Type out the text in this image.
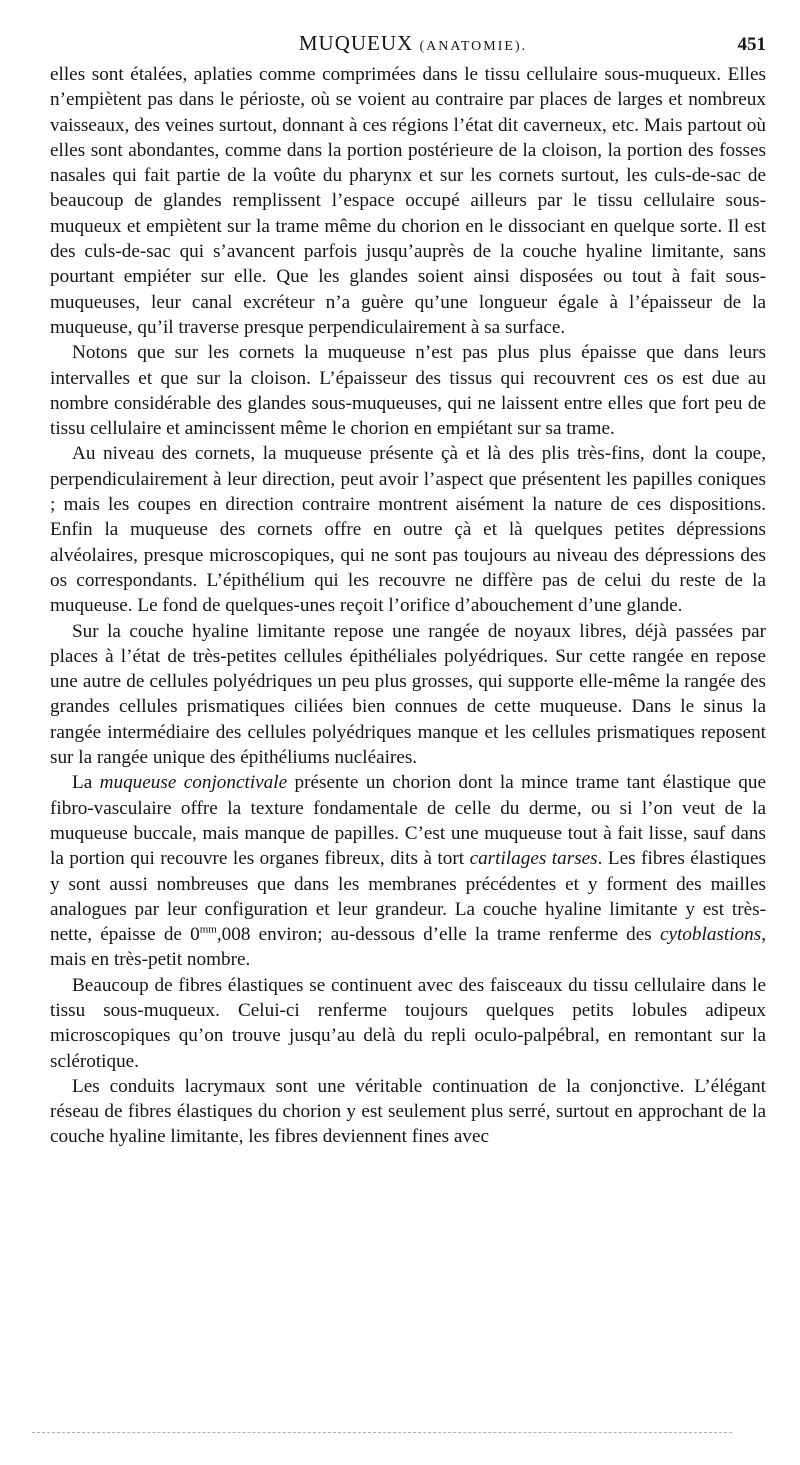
MUQUEUX (ANATOMIE).	451

elles sont étalées, aplaties comme comprimées dans le tissu cellulaire sous-muqueux. Elles n’empiètent pas dans le périoste, où se voient au contraire par places de larges et nombreux vaisseaux, des veines surtout, donnant à ces régions l’état dit caverneux, etc. Mais partout où elles sont abondantes, comme dans la portion postérieure de la cloison, la portion des fosses nasales qui fait partie de la voûte du pharynx et sur les cornets surtout, les culs-de-sac de beaucoup de glandes remplissent l’espace occupé ailleurs par le tissu cellulaire sous-muqueux et empiètent sur la trame même du chorion en le dissociant en quelque sorte. Il est des culs-de-sac qui s’avancent parfois jusqu’auprès de la couche hyaline limitante, sans pourtant empiéter sur elle. Que les glandes soient ainsi disposées ou tout à fait sous-muqueuses, leur canal excréteur n’a guère qu’une longueur égale à l’épaisseur de la muqueuse, qu’il traverse presque perpendiculairement à sa surface.

Notons que sur les cornets la muqueuse n’est pas plus plus épaisse que dans leurs intervalles et que sur la cloison. L’épaisseur des tissus qui recouvrent ces os est due au nombre considérable des glandes sous-muqueuses, qui ne laissent entre elles que fort peu de tissu cellulaire et amincissent même le chorion en empiétant sur sa trame.

Au niveau des cornets, la muqueuse présente çà et là des plis très-fins, dont la coupe, perpendiculairement à leur direction, peut avoir l’aspect que présentent les papilles coniques ; mais les coupes en direction contraire montrent aisément la nature de ces dispositions. Enfin la muqueuse des cornets offre en outre çà et là quelques petites dépressions alvéolaires, presque microscopiques, qui ne sont pas toujours au niveau des dépressions des os correspondants. L’épithélium qui les recouvre ne diffère pas de celui du reste de la muqueuse. Le fond de quelques-unes reçoit l’orifice d’abouchement d’une glande.

Sur la couche hyaline limitante repose une rangée de noyaux libres, déjà passées par places à l’état de très-petites cellules épithéliales polyédriques. Sur cette rangée en repose une autre de cellules polyédriques un peu plus grosses, qui supporte elle-même la rangée des grandes cellules prismatiques ciliées bien connues de cette muqueuse. Dans le sinus la rangée intermédiaire des cellules polyédriques manque et les cellules prismatiques reposent sur la rangée unique des épithéliums nucléaires.

La muqueuse conjonctivale présente un chorion dont la mince trame tant élastique que fibro-vasculaire offre la texture fondamentale de celle du derme, ou si l’on veut de la muqueuse buccale, mais manque de papilles. C’est une muqueuse tout à fait lisse, sauf dans la portion qui recouvre les organes fibreux, dits à tort cartilages tarses. Les fibres élastiques y sont aussi nombreuses que dans les membranes précédentes et y forment des mailles analogues par leur configuration et leur grandeur. La couche hyaline limitante y est très-nette, épaisse de $0^{mm},008$ environ; au-dessous d’elle la trame renferme des cytoblastions, mais en très-petit nombre.

Beaucoup de fibres élastiques se continuent avec des faisceaux du tissu cellulaire dans le tissu sous-muqueux. Celui-ci renferme toujours quelques petits lobules adipeux microscopiques qu’on trouve jusqu’au delà du repli oculo-palpébral, en remontant sur la sclérotique.

Les conduits lacrymaux sont une véritable continuation de la conjonctive. L’élégant réseau de fibres élastiques du chorion y est seulement plus serré, surtout en approchant de la couche hyaline limitante, les fibres deviennent fines avec
